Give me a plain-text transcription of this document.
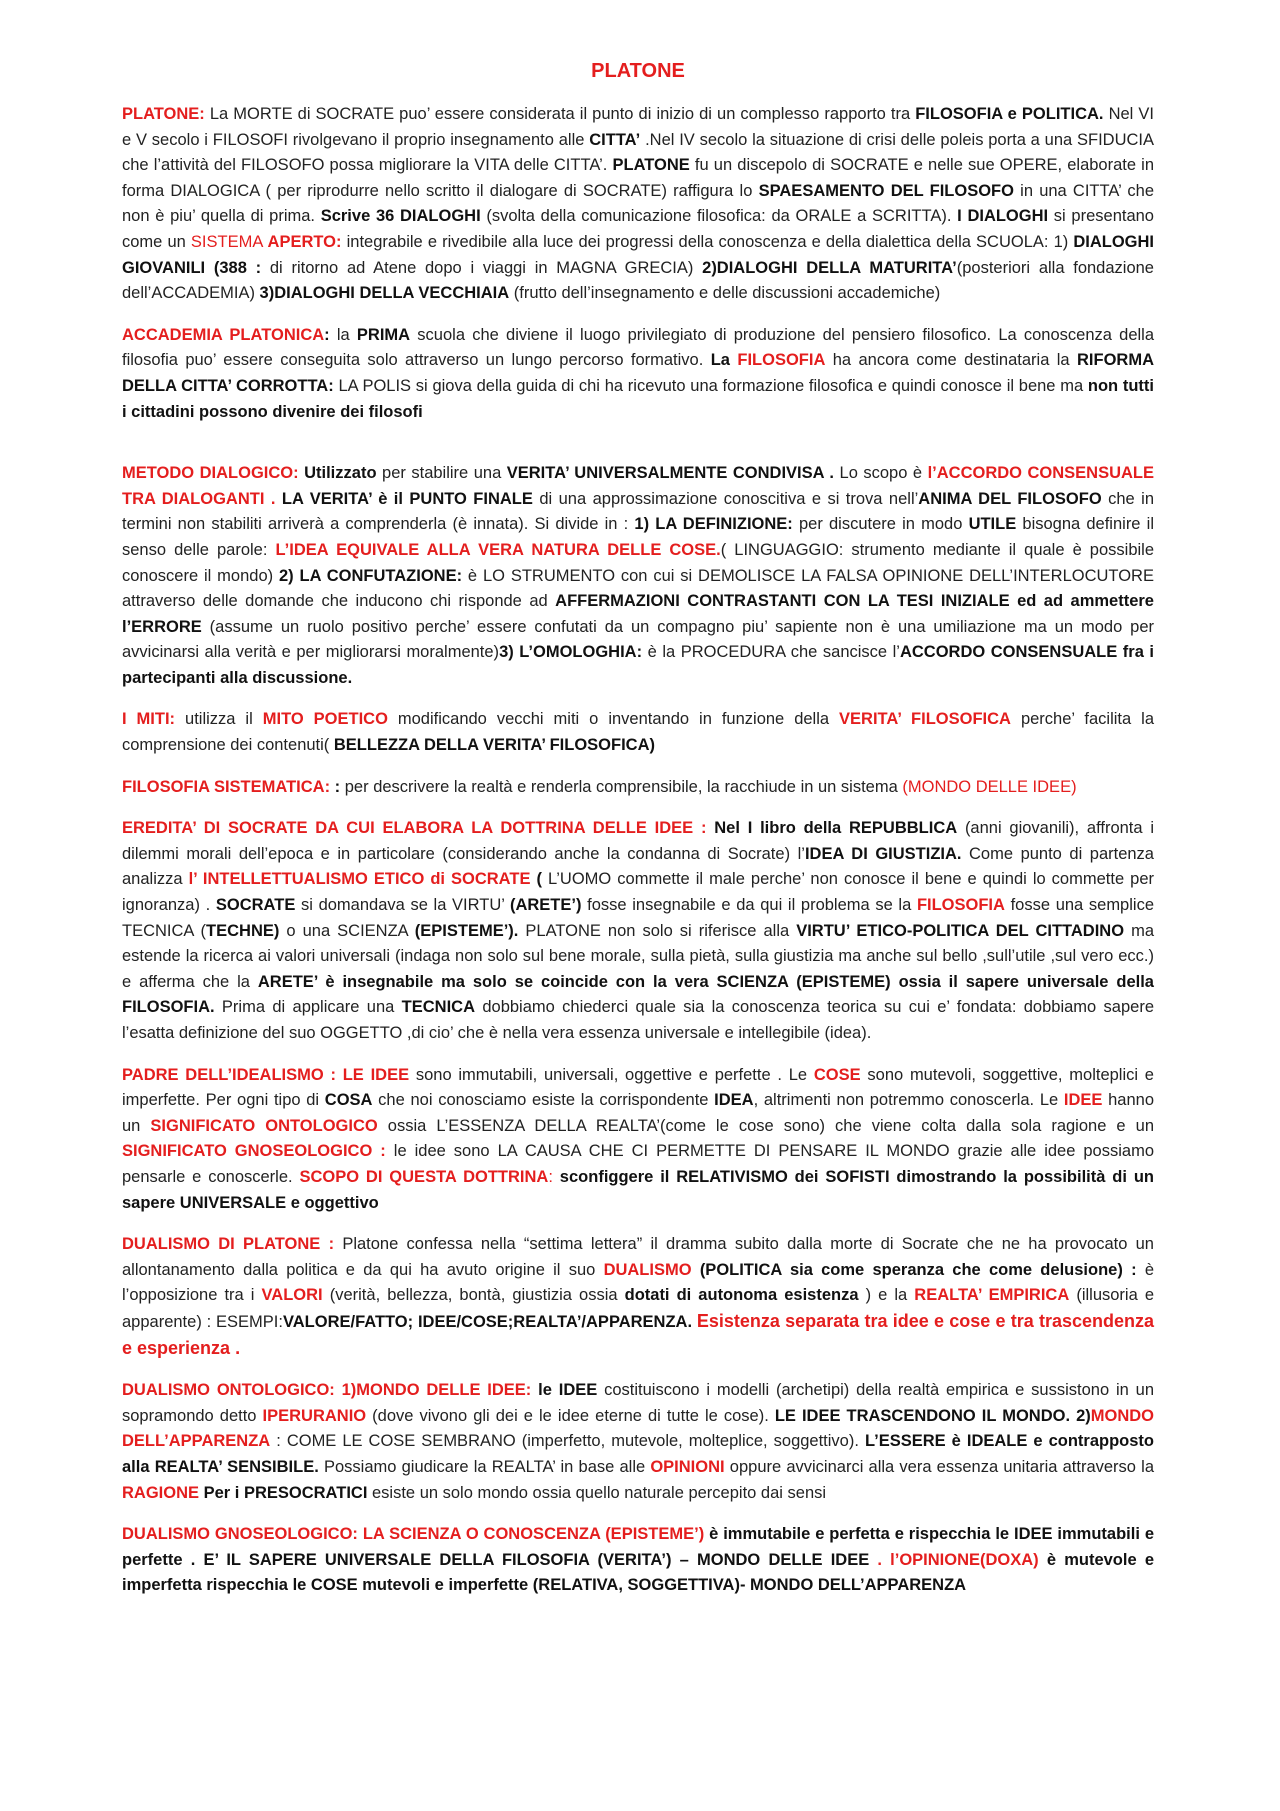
PLATONE

PLATONE: La MORTE di SOCRATE puo’ essere considerata il punto di inizio di un complesso rapporto tra FILOSOFIA e POLITICA. Nel VI e V secolo i FILOSOFI rivolgevano il proprio insegnamento alle CITTA’ .Nel IV secolo la situazione di crisi delle poleis porta a una SFIDUCIA che l’attività del FILOSOFO possa migliorare la VITA delle CITTA’. PLATONE fu un discepolo di SOCRATE e nelle sue OPERE, elaborate in forma DIALOGICA ( per riprodurre nello scritto il dialogare di SOCRATE) raffigura lo SPAESAMENTO DEL FILOSOFO in una CITTA’ che non è piu’ quella di prima. Scrive 36 DIALOGHI (svolta della comunicazione filosofica: da ORALE a SCRITTA). I DIALOGHI si presentano come un SISTEMA APERTO: integrabile e rivedibile alla luce dei progressi della conoscenza e della dialettica della SCUOLA: 1) DIALOGHI GIOVANILI (388 : di ritorno ad Atene dopo i viaggi in MAGNA GRECIA) 2)DIALOGHI DELLA MATURITA’(posteriori alla fondazione dell’ACCADEMIA) 3)DIALOGHI DELLA VECCHIAIA (frutto dell’insegnamento e delle discussioni accademiche)

ACCADEMIA PLATONICA: la PRIMA scuola che diviene il luogo privilegiato di produzione del pensiero filosofico. La conoscenza della filosofia puo’ essere conseguita solo attraverso un lungo percorso formativo. La FILOSOFIA ha ancora come destinataria la RIFORMA DELLA CITTA’ CORROTTA: LA POLIS si giova della guida di chi ha ricevuto una formazione filosofica e quindi conosce il bene ma non tutti i cittadini possono divenire dei filosofi

METODO DIALOGICO: Utilizzato per stabilire una VERITA’ UNIVERSALMENTE CONDIVISA . Lo scopo è l’ACCORDO CONSENSUALE TRA DIALOGANTI . LA VERITA’ è il PUNTO FINALE di una approssimazione conoscitiva e si trova nell’ANIMA DEL FILOSOFO che in termini non stabiliti arriverà a comprenderla (è innata). Si divide in : 1) LA DEFINIZIONE: per discutere in modo UTILE bisogna definire il senso delle parole: L’IDEA EQUIVALE ALLA VERA NATURA DELLE COSE.( LINGUAGGIO: strumento mediante il quale è possibile conoscere il mondo) 2) LA CONFUTAZIONE: è LO STRUMENTO con cui si DEMOLISCE LA FALSA OPINIONE DELL’INTERLOCUTORE attraverso delle domande che inducono chi risponde ad AFFERMAZIONI CONTRASTANTI CON LA TESI INIZIALE ed ad ammettere l’ERRORE (assume un ruolo positivo perche’ essere confutati da un compagno piu’ sapiente non è una umiliazione ma un modo per avvicinarsi alla verità e per migliorarsi moralmente)3) L’OMOLOGHIA: è la PROCEDURA che sancisce l’ACCORDO CONSENSUALE fra i partecipanti alla discussione.

I MITI: utilizza il MITO POETICO modificando vecchi miti o inventando in funzione della VERITA’ FILOSOFICA perche’ facilita la comprensione dei contenuti( BELLEZZA DELLA VERITA’ FILOSOFICA)

FILOSOFIA SISTEMATICA: : per descrivere la realtà e renderla comprensibile, la racchiude in un sistema (MONDO DELLE IDEE)

EREDITA’ DI SOCRATE DA CUI ELABORA LA DOTTRINA DELLE IDEE : Nel I libro della REPUBBLICA (anni giovanili), affronta i dilemmi morali dell’epoca e in particolare (considerando anche la condanna di Socrate) l’IDEA DI GIUSTIZIA. Come punto di partenza analizza l’ INTELLETTUALISMO ETICO di SOCRATE ( L’UOMO commette il male perche’ non conosce il bene e quindi lo commette per ignoranza) . SOCRATE si domandava se la VIRTU’ (ARETE’) fosse insegnabile e da qui il problema se la FILOSOFIA fosse una semplice TECNICA (TECHNE) o una SCIENZA (EPISTEME’). PLATONE non solo si riferisce alla VIRTU’ ETICO-POLITICA DEL CITTADINO ma estende la ricerca ai valori universali (indaga non solo sul bene morale, sulla pietà, sulla giustizia ma anche sul bello ,sull’utile ,sul vero ecc.) e afferma che la ARETE’ è insegnabile ma solo se coincide con la vera SCIENZA (EPISTEME) ossia il sapere universale della FILOSOFIA. Prima di applicare una TECNICA dobbiamo chiederci quale sia la conoscenza teorica su cui e’ fondata: dobbiamo sapere l’esatta definizione del suo OGGETTO ,di cio’ che è nella vera essenza universale e intellegibile (idea).

PADRE DELL’IDEALISMO : LE IDEE sono immutabili, universali, oggettive e perfette . Le COSE sono mutevoli, soggettive, molteplici e imperfette. Per ogni tipo di COSA che noi conosciamo esiste la corrispondente IDEA, altrimenti non potremmo conoscerla. Le IDEE hanno un SIGNIFICATO ONTOLOGICO ossia L’ESSENZA DELLA REALTA’(come le cose sono) che viene colta dalla sola ragione e un SIGNIFICATO GNOSEOLOGICO : le idee sono LA CAUSA CHE CI PERMETTE DI PENSARE IL MONDO grazie alle idee possiamo pensarle e conoscerle. SCOPO DI QUESTA DOTTRINA: sconfiggere il RELATIVISMO dei SOFISTI dimostrando la possibilità di un sapere UNIVERSALE e oggettivo

DUALISMO DI PLATONE : Platone confessa nella “settima lettera” il dramma subito dalla morte di Socrate che ne ha provocato un allontanamento dalla politica e da qui ha avuto origine il suo DUALISMO (POLITICA sia come speranza che come delusione) : è l’opposizione tra i VALORI (verità, bellezza, bontà, giustizia ossia dotati di autonoma esistenza ) e la REALTA’ EMPIRICA (illusoria e apparente) : ESEMPI:VALORE/FATTO; IDEE/COSE;REALTA’/APPARENZA. Esistenza separata tra idee e cose e tra trascendenza e esperienza .

DUALISMO ONTOLOGICO: 1)MONDO DELLE IDEE: le IDEE costituiscono i modelli (archetipi) della realtà empirica e sussistono in un sopramondo detto IPERURANIO (dove vivono gli dei e le idee eterne di tutte le cose). LE IDEE TRASCENDONO IL MONDO. 2)MONDO DELL’APPARENZA : COME LE COSE SEMBRANO (imperfetto, mutevole, molteplice, soggettivo). L’ESSERE è IDEALE e contrapposto alla REALTA’ SENSIBILE. Possiamo giudicare la REALTA’ in base alle OPINIONI oppure avvicinarci alla vera essenza unitaria attraverso la RAGIONE Per i PRESOCRATICI esiste un solo mondo ossia quello naturale percepito dai sensi

DUALISMO GNOSEOLOGICO: LA SCIENZA O CONOSCENZA (EPISTEME’) è immutabile e perfetta e rispecchia le IDEE immutabili e perfette . E’ IL SAPERE UNIVERSALE DELLA FILOSOFIA (VERITA’) – MONDO DELLE IDEE . l’OPINIONE(DOXA) è mutevole e imperfetta rispecchia le COSE mutevoli e imperfette (RELATIVA, SOGGETTIVA)- MONDO DELL’APPARENZA
